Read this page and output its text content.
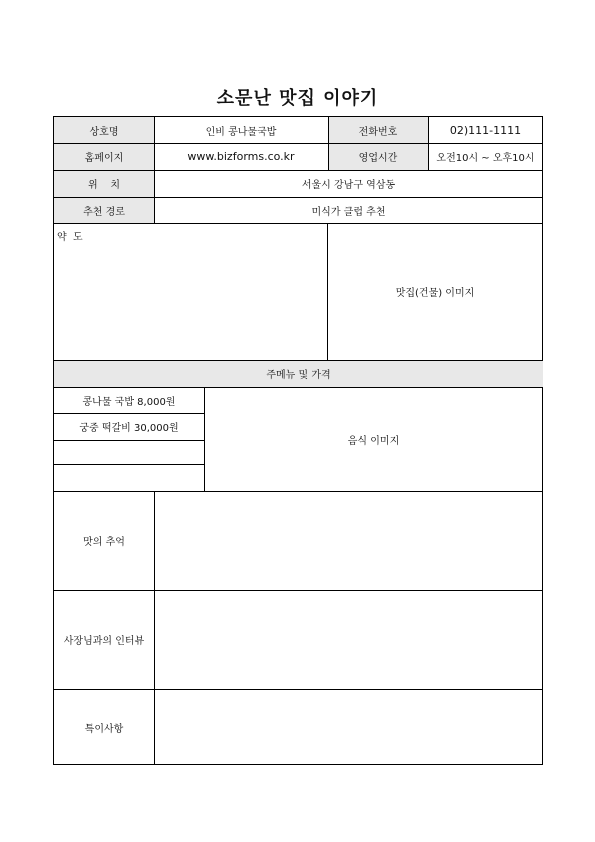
소문난 맛집 이야기
상호명	인비 콩나물국밥	전화번호	02)111-1111
홈페이지	www.bizforms.co.kr	영업시간	오전10시 ~ 오후10시
위    치	서울시 강남구 역삼동
추천 경로	미식가 클럽 추천
약  도
맛집(건물) 이미지
주메뉴 및 가격
콩나물 국밥 8,000원
궁중 떡갈비 30,000원
음식 이미지
맛의 추억
사장님과의 인터뷰
특이사항
